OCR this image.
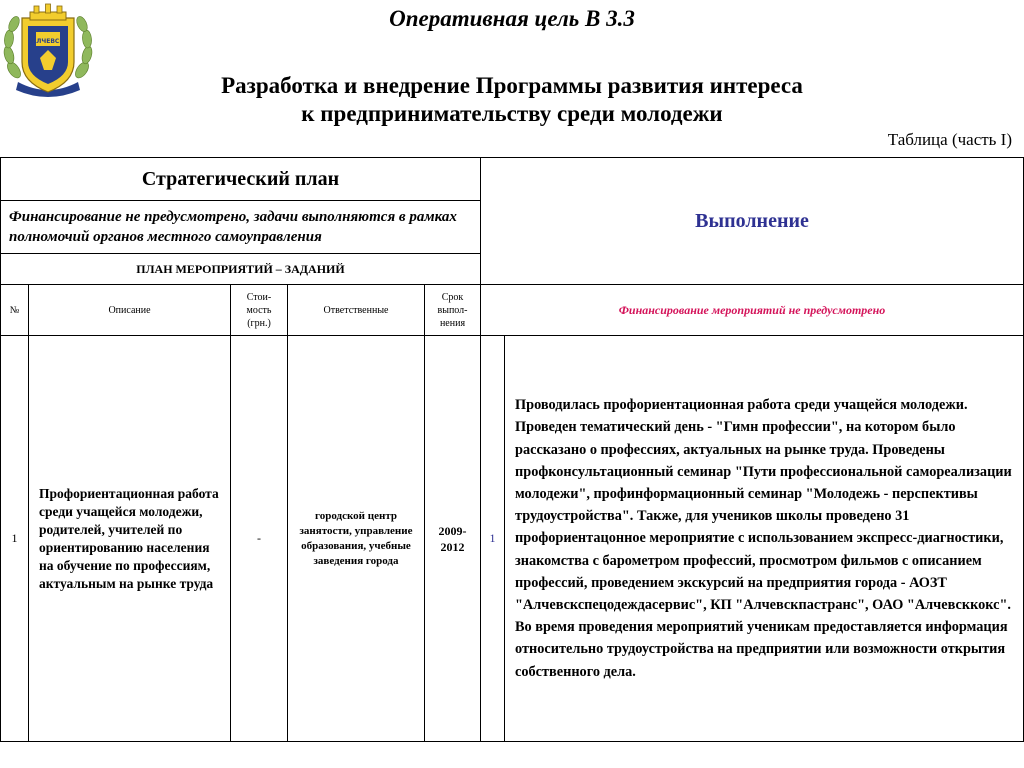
АЛЧЕВСК
Оперативная цель В 3.3
Разработка и внедрение Программы развития интереса
к предпринимательству среди молодежи
Таблица (часть I)
Стратегический план					Выполнение	
Финансирование не предусмотрено, задачи выполняются в рамках полномочий органов местного самоуправления						
ПЛАН МЕРОПРИЯТИЙ – ЗАДАНИЙ						
№	Описание	Стои-
мость
(грн.)	Ответственные	Срок
выпол-
нения	Финансирование мероприятий не предусмотрено	
1	Профориентационная работа среди учащейся молодежи, родителей, учителей по ориентированию населения на обучение по профессиям, актуальным на рынке труда	-	городской центр занятости, управление образования, учебные заведения города	2009-
2012	1	Проводилась профориентационная работа среди учащейся молодежи. Проведен тематический день - "Гимн профессии", на котором было рассказано о профессиях, актуальных на рынке труда. Проведены профконсультационный семинар "Пути профессиональной самореализации молодежи", профинформационный семинар "Молодежь - перспективы трудоустройства". Также, для учеников школы проведено 31 профориентацонное мероприятие с использованием экспресс-диагностики, знакомства с барометром профессий, просмотром фильмов с описанием профессий, проведением экскурсий на предприятия города - АОЗТ "Алчевскспецодеждасервис", КП "Алчевскпастранс", ОАО "Алчевсккокс". Во время проведения мероприятий ученикам предоставляется информация относительно трудоустройства на предприятии или возможности открытия собственного дела.
